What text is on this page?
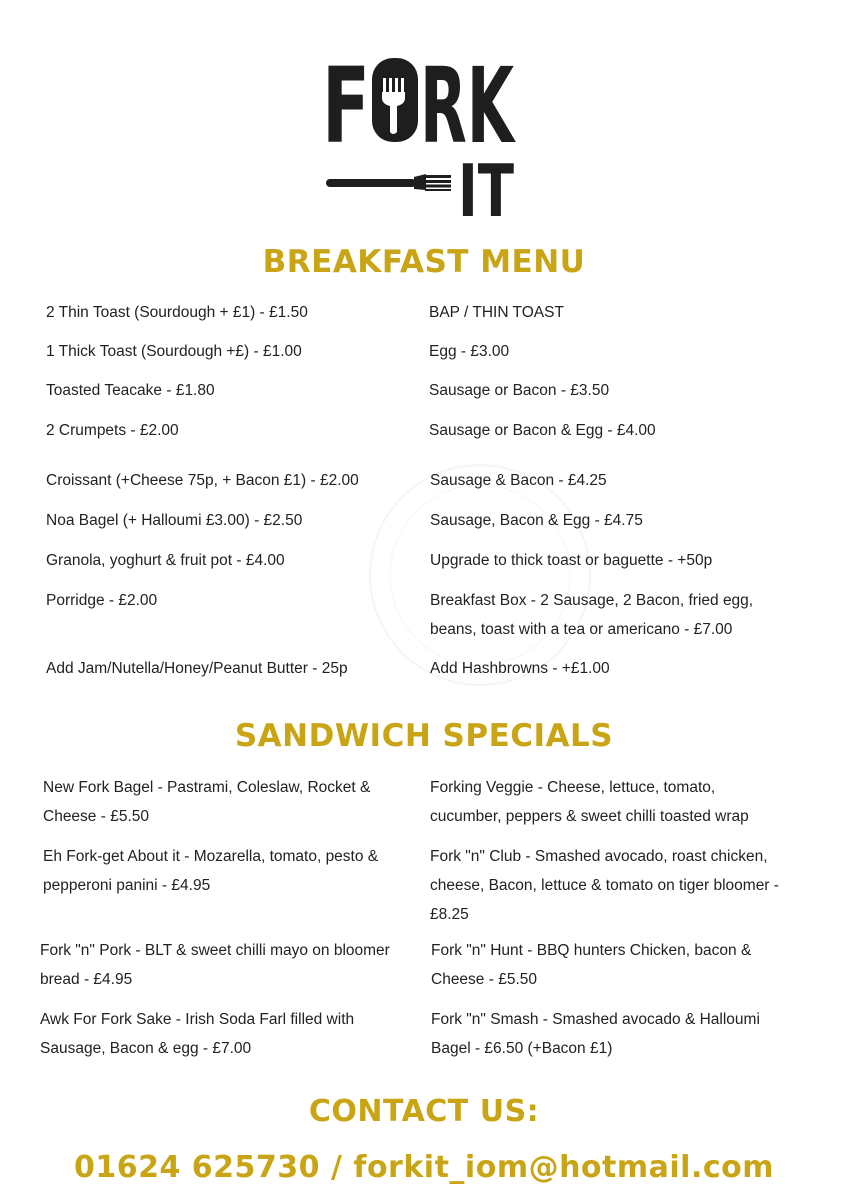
F RK
IT
BREAKFAST MENU
2 Thin Toast (Sourdough + £1) - £1.50
1 Thick Toast (Sourdough +£) - £1.00
Toasted Teacake - £1.80
2 Crumpets - £2.00
Croissant (+Cheese 75p, + Bacon £1) - £2.00
Noa Bagel (+ Halloumi £3.00) - £2.50
Granola, yoghurt & fruit pot - £4.00
Porridge - £2.00
Add Jam/Nutella/Honey/Peanut Butter - 25p
BAP / THIN TOAST
Egg - £3.00
Sausage or Bacon - £3.50
Sausage or Bacon & Egg - £4.00
Sausage & Bacon - £4.25
Sausage, Bacon & Egg - £4.75
Upgrade to thick toast or baguette - +50p
Breakfast Box - 2 Sausage, 2 Bacon, fried egg, beans, toast with a tea or americano - £7.00
Add Hashbrowns - +£1.00
SANDWICH SPECIALS
New Fork Bagel - Pastrami, Coleslaw, Rocket & Cheese - £5.50
Eh Fork-get About it - Mozarella, tomato, pesto & pepperoni panini - £4.95
Fork "n" Pork - BLT & sweet chilli mayo on bloomer bread - £4.95
Awk For Fork Sake - Irish Soda Farl filled with Sausage, Bacon & egg - £7.00
Forking Veggie - Cheese, lettuce, tomato, cucumber, peppers & sweet chilli toasted wrap
Fork "n" Club - Smashed avocado, roast chicken, cheese, Bacon, lettuce & tomato on tiger bloomer - £8.25
Fork "n" Hunt - BBQ hunters Chicken, bacon & Cheese - £5.50
Fork "n" Smash - Smashed avocado & Halloumi Bagel - £6.50 (+Bacon £1)
CONTACT US:
01624 625730 / forkit_iom@hotmail.com
